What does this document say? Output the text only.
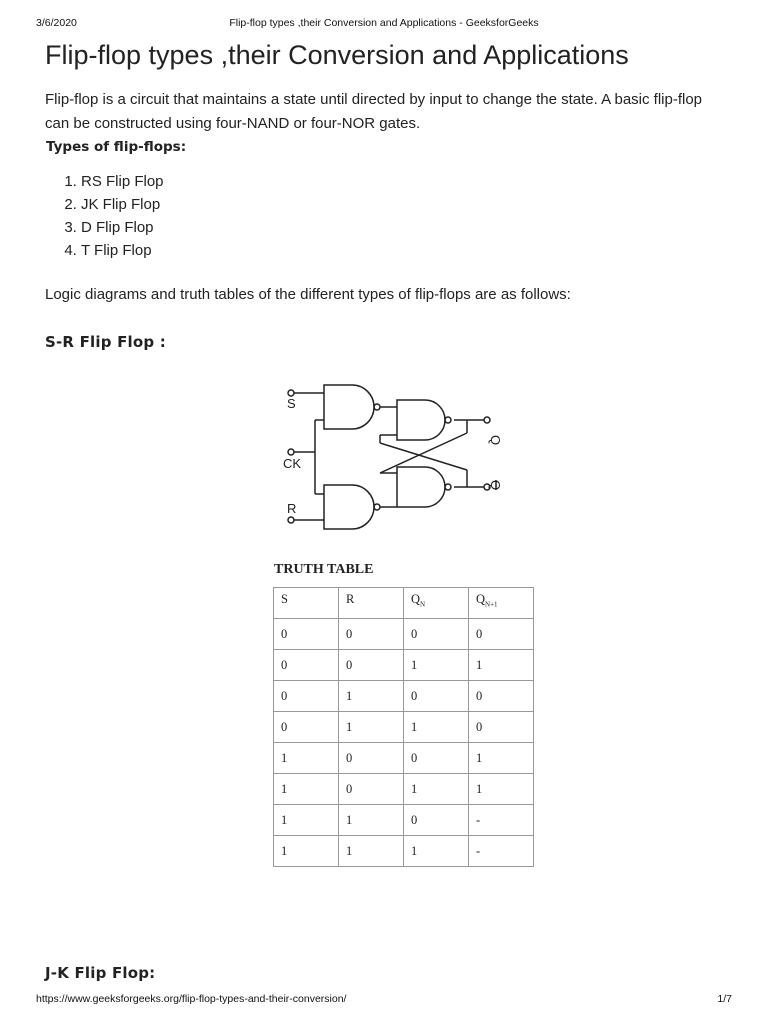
3/6/2020	Flip-flop types ,their Conversion and Applications - GeeksforGeeks
Flip-flop types ,their Conversion and Applications

Flip-flop is a circuit that maintains a state until directed by input to change the state. A basic flip-flop can be constructed using four-NAND or four-NOR gates.

Types of flip-flops:

1. RS Flip Flop
2. JK Flip Flop
3. D Flip Flop
4. T Flip Flop

Logic diagrams and truth tables of the different types of flip-flops are as follows:

S-R Flip Flop :

S
CK
R
Q
Q

TRUTH TABLE

S	R	$Q_N$	$Q_{N+1}$
0	0	0	0
0	0	1	1
0	1	0	0
0	1	1	0
1	0	0	1
1	0	1	1
1	1	0	-
1	1	1	-

J-K Flip Flop:

https://www.geeksforgeeks.org/flip-flop-types-and-their-conversion/	1/7
